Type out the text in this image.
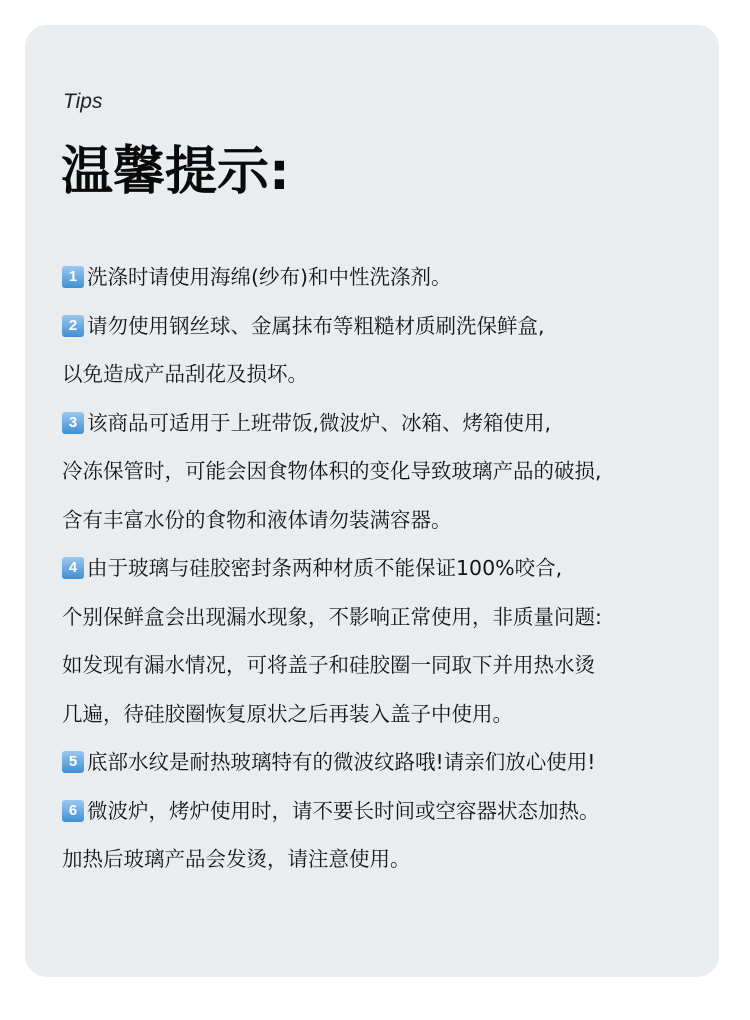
Tips
温馨提示:
1 洗涤时请使用海绵(纱布)和中性洗涤剂。
2 请勿使用钢丝球、金属抹布等粗糙材质刷洗保鲜盒,
以免造成产品刮花及损坏。
3 该商品可适用于上班带饭,微波炉、冰箱、烤箱使用,
冷冻保管时，可能会因食物体积的变化导致玻璃产品的破损,
含有丰富水份的食物和液体请勿装满容器。
4 由于玻璃与硅胶密封条两种材质不能保证100%咬合,
个别保鲜盒会出现漏水现象，不影响正常使用，非质量问题:
如发现有漏水情况，可将盖子和硅胶圈一同取下并用热水烫
几遍，待硅胶圈恢复原状之后再装入盖子中使用。
5 底部水纹是耐热玻璃特有的微波纹路哦!请亲们放心使用!
6 微波炉，烤炉使用时，请不要长时间或空容器状态加热。
加热后玻璃产品会发烫，请注意使用。
